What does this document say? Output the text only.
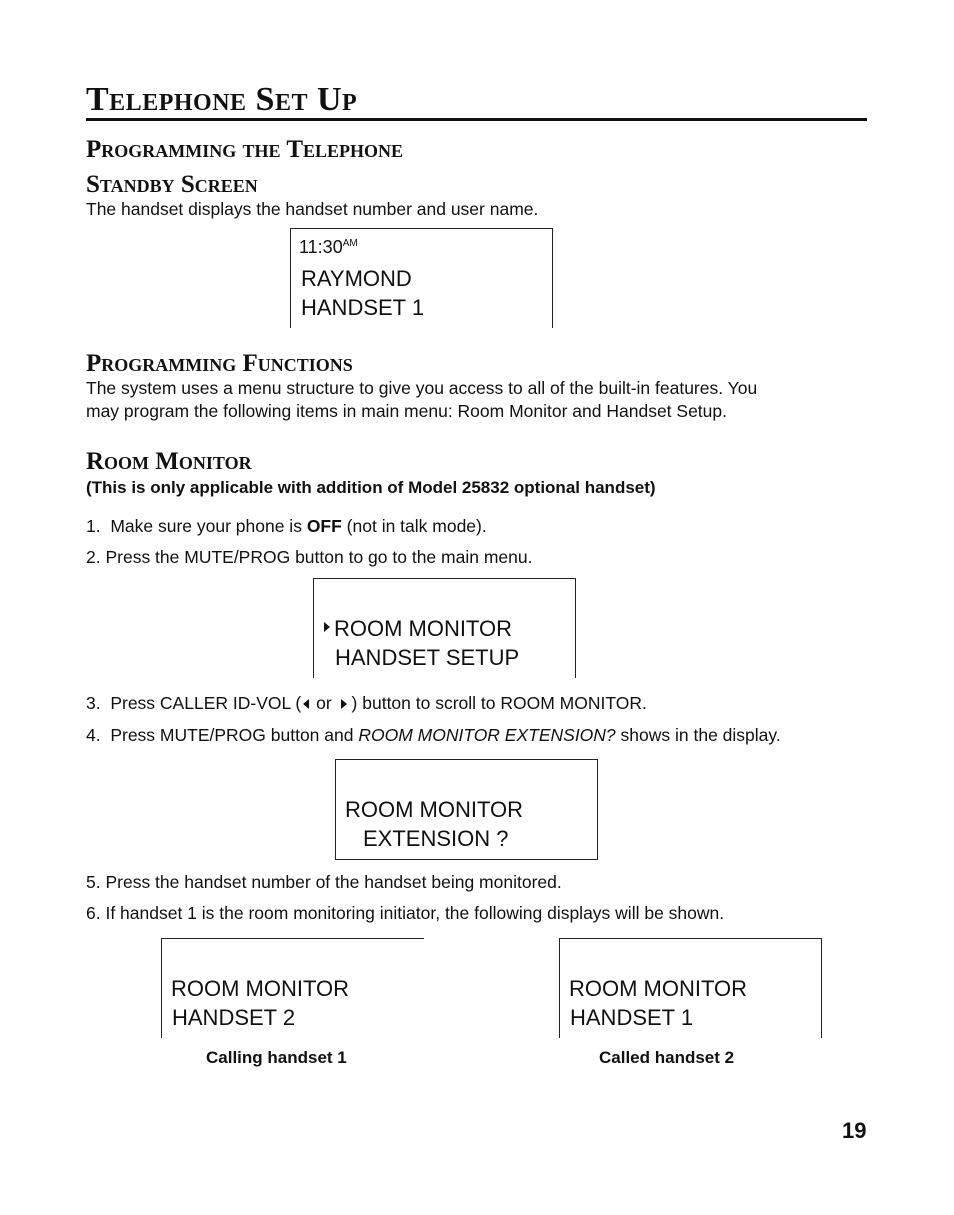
Telephone Set Up
Programming the Telephone
Standby Screen
The handset displays the handset number and user name.
$11:30^{AM}$
RAYMOND
HANDSET 1
Programming Functions
The system uses a menu structure to give you access to all of the built-in features. You
may program the following items in main menu: Room Monitor and Handset Setup.
Room Monitor
(This is only applicable with addition of Model 25832 optional handset)
1.  Make sure your phone is OFF (not in talk mode).
2. Press the MUTE/PROG button to go to the main menu.
ROOM MONITOR
HANDSET SETUP
3.  Press CALLER ID-VOL ( or ) button to scroll to ROOM MONITOR.
4.  Press MUTE/PROG button and ROOM MONITOR EXTENSION? shows in the display.
ROOM MONITOR
EXTENSION ?
5. Press the handset number of the handset being monitored.
6. If handset 1 is the room monitoring initiator, the following displays will be shown.
ROOM MONITOR
HANDSET 2
Calling handset 1
ROOM MONITOR
HANDSET 1
Called handset 2
19
